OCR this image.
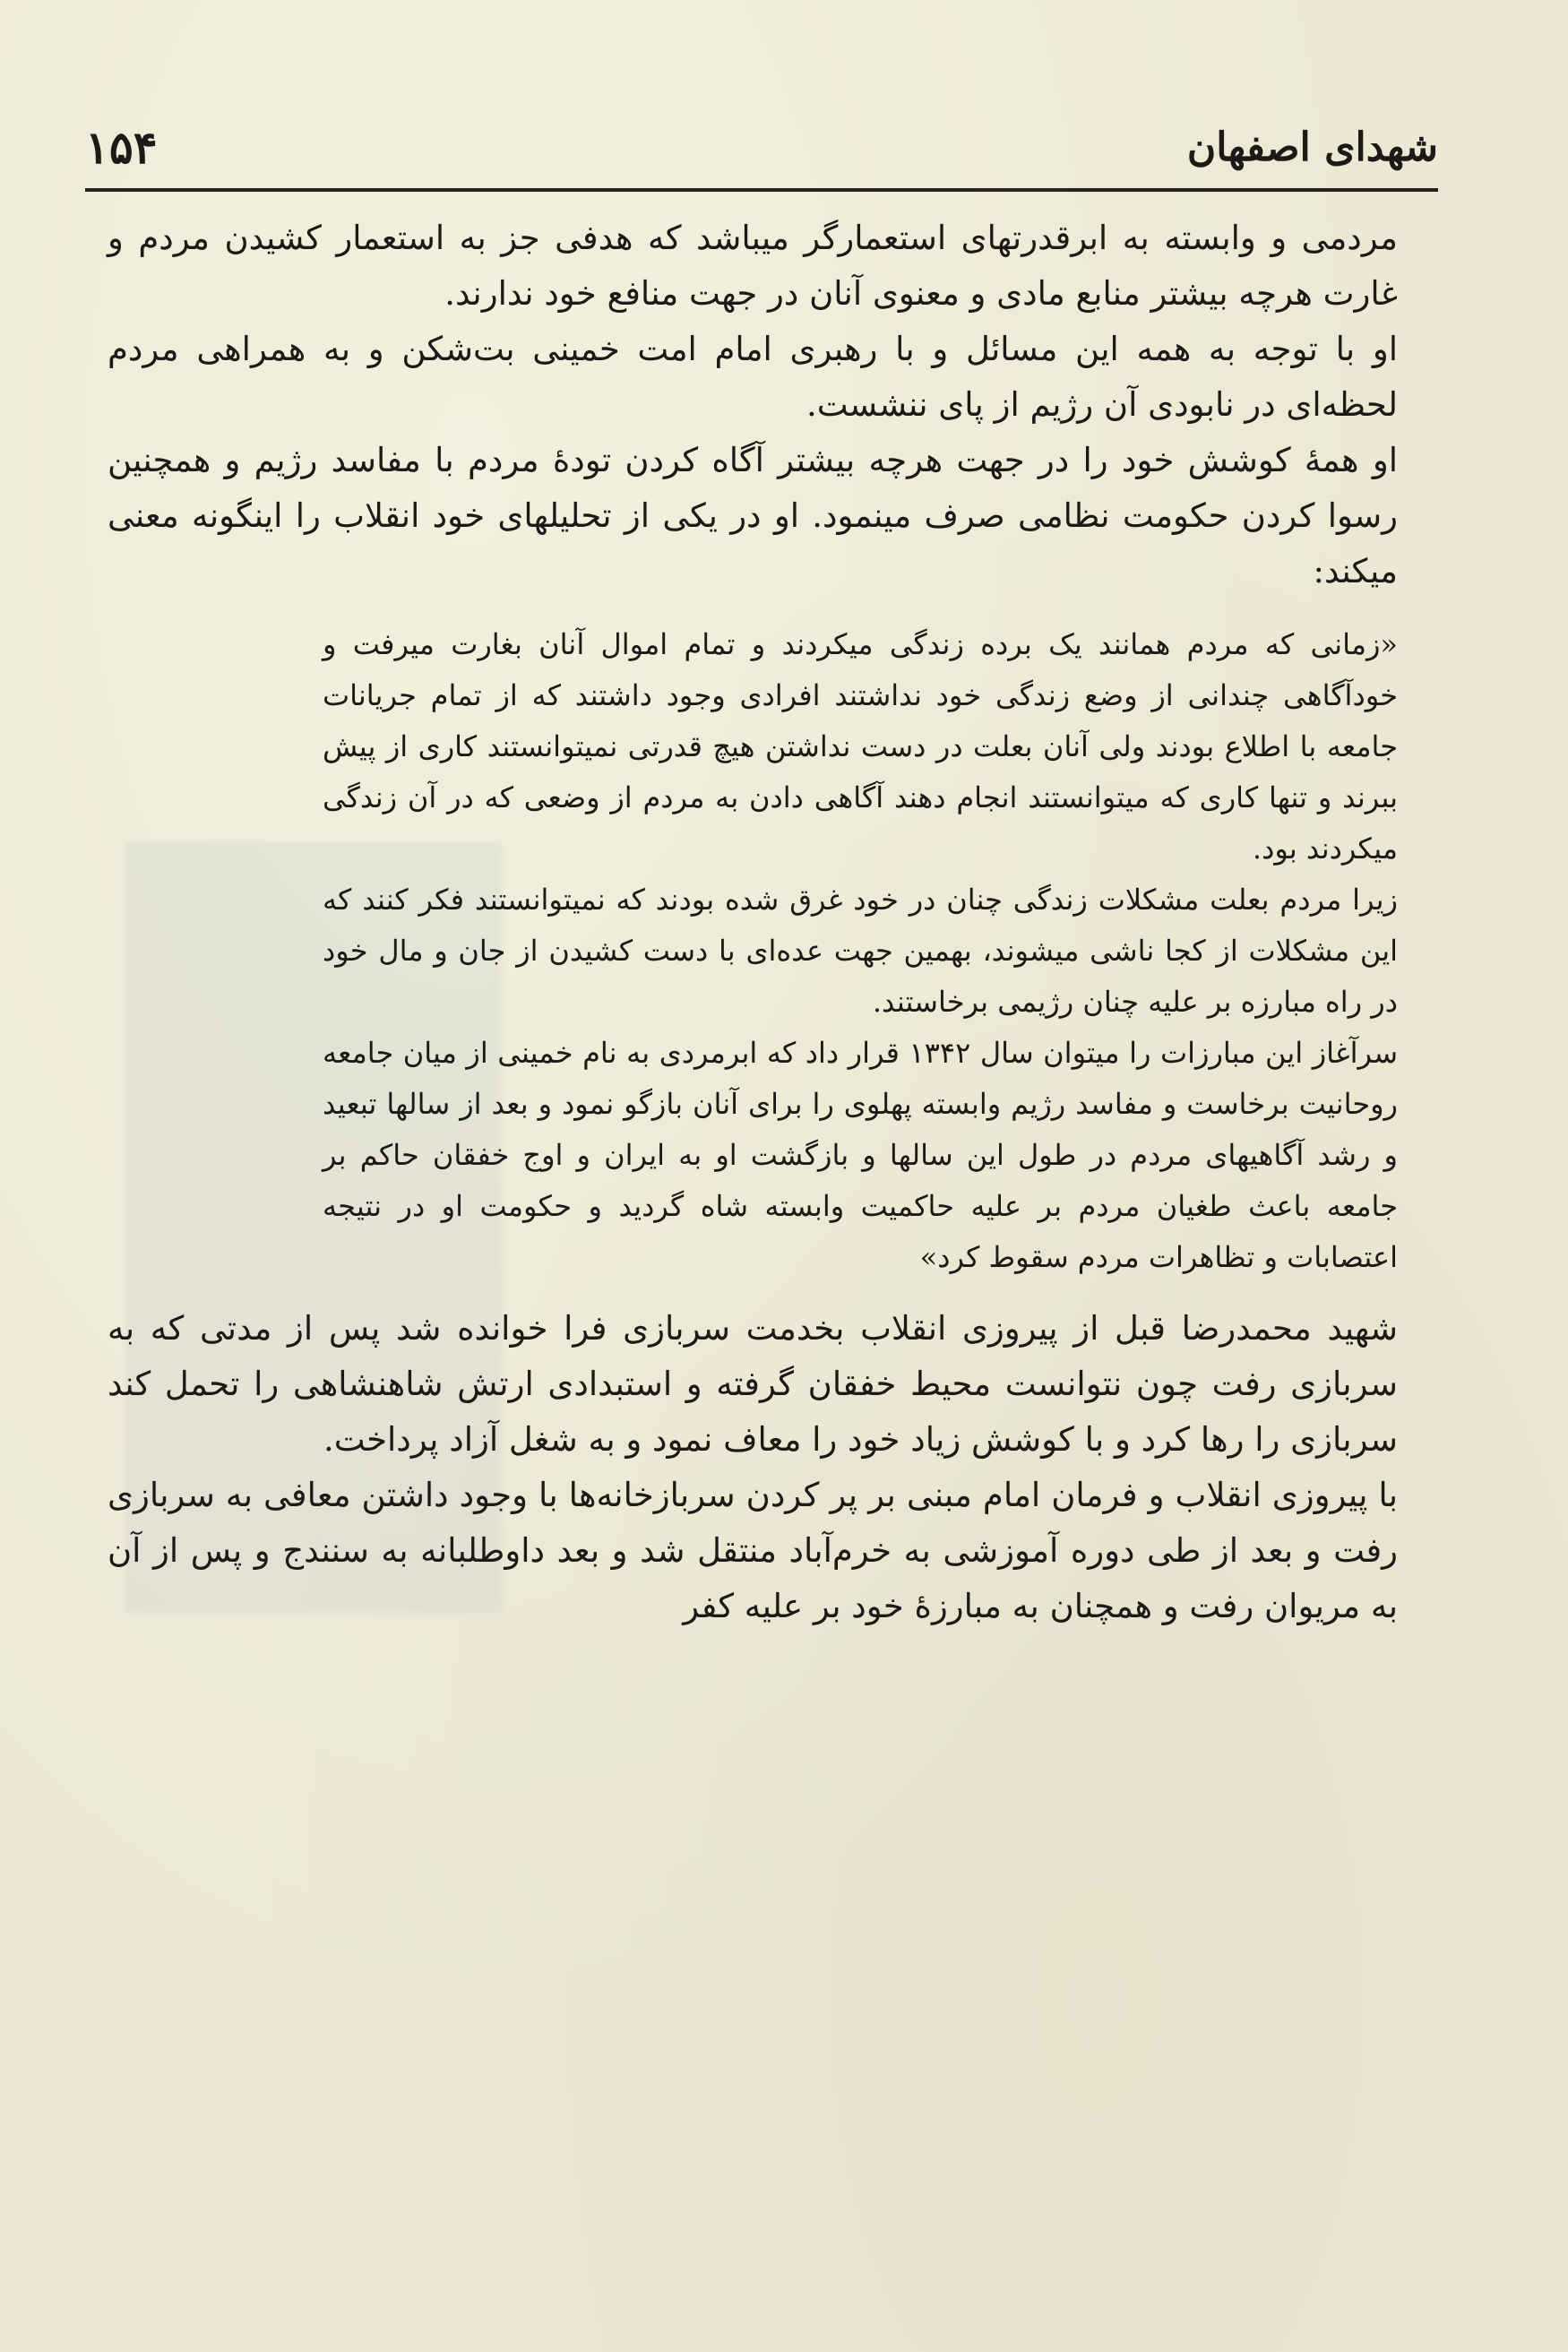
شهدای اصفهان
۱۵۴

مردمی و وابسته به ابرقدرتهای استعمارگر میباشد که هدفی جز به استعمار کشیدن مردم و غارت هرچه بیشتر منابع مادی و معنوی آنان در جهت منافع خود ندارند.

او با توجه به همه این مسائل و با رهبری امام امت خمینی بت‌شکن و به همراهی مردم لحظه‌ای در نابودی آن رژیم از پای ننشست.

او همهٔ کوشش خود را در جهت هرچه بیشتر آگاه کردن تودهٔ مردم با مفاسد رژیم و همچنین رسوا کردن حکومت نظامی صرف مینمود. او در یکی از تحلیلهای خود انقلاب را اینگونه معنی میکند:

«زمانی که مردم همانند یک برده زندگی میکردند و تمام اموال آنان بغارت میرفت و خودآگاهی چندانی از وضع زندگی خود نداشتند افرادی وجود داشتند که از تمام جریانات جامعه با اطلاع بودند ولی آنان بعلت در دست نداشتن هیچ قدرتی نمیتوانستند کاری از پیش ببرند و تنها کاری که میتوانستند انجام دهند آگاهی دادن به مردم از وضعی که در آن زندگی میکردند بود.

زیرا مردم بعلت مشکلات زندگی چنان در خود غرق شده بودند که نمیتوانستند فکر کنند که این مشکلات از کجا ناشی میشوند، بهمین جهت عده‌ای با دست کشیدن از جان و مال خود در راه مبارزه بر علیه چنان رژیمی برخاستند.

سرآغاز این مبارزات را میتوان سال ۱۳۴۲ قرار داد که ابرمردی به نام خمینی از میان جامعه روحانیت برخاست و مفاسد رژیم وابسته پهلوی را برای آنان بازگو نمود و بعد از سالها تبعید و رشد آگاهیهای مردم در طول این سالها و بازگشت او به ایران و اوج خفقان حاکم بر جامعه باعث طغیان مردم بر علیه حاکمیت وابسته شاه گردید و حکومت او در نتیجه اعتصابات و تظاهرات مردم سقوط کرد»

شهید محمدرضا قبل از پیروزی انقلاب بخدمت سربازی فرا خوانده شد پس از مدتی که به سربازی رفت چون نتوانست محیط خفقان گرفته و استبدادی ارتش شاهنشاهی را تحمل کند سربازی را رها کرد و با کوشش زیاد خود را معاف نمود و به شغل آزاد پرداخت.

با پیروزی انقلاب و فرمان امام مبنی بر پر کردن سربازخانه‌ها با وجود داشتن معافی به سربازی رفت و بعد از طی دوره آموزشی به خرم‌آباد منتقل شد و بعد داوطلبانه به سنندج و پس از آن به مریوان رفت و همچنان به مبارزهٔ خود بر علیه کفر
